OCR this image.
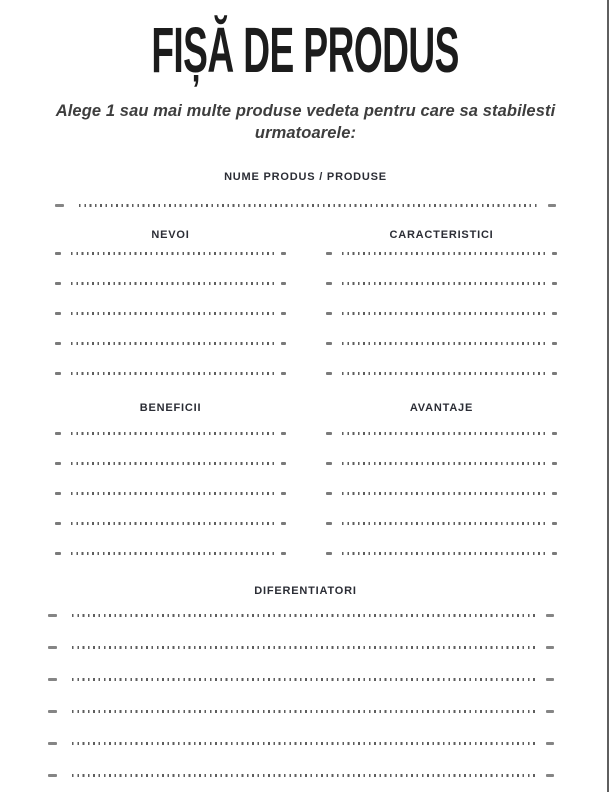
FIȘĂ DE PRODUS
Alege 1 sau mai multe produse vedeta pentru care sa stabilesti urmatoarele:
NUME PRODUS / PRODUSE
NEVOI	CARACTERISTICI
BENEFICII	AVANTAJE
DIFERENTIATORI
